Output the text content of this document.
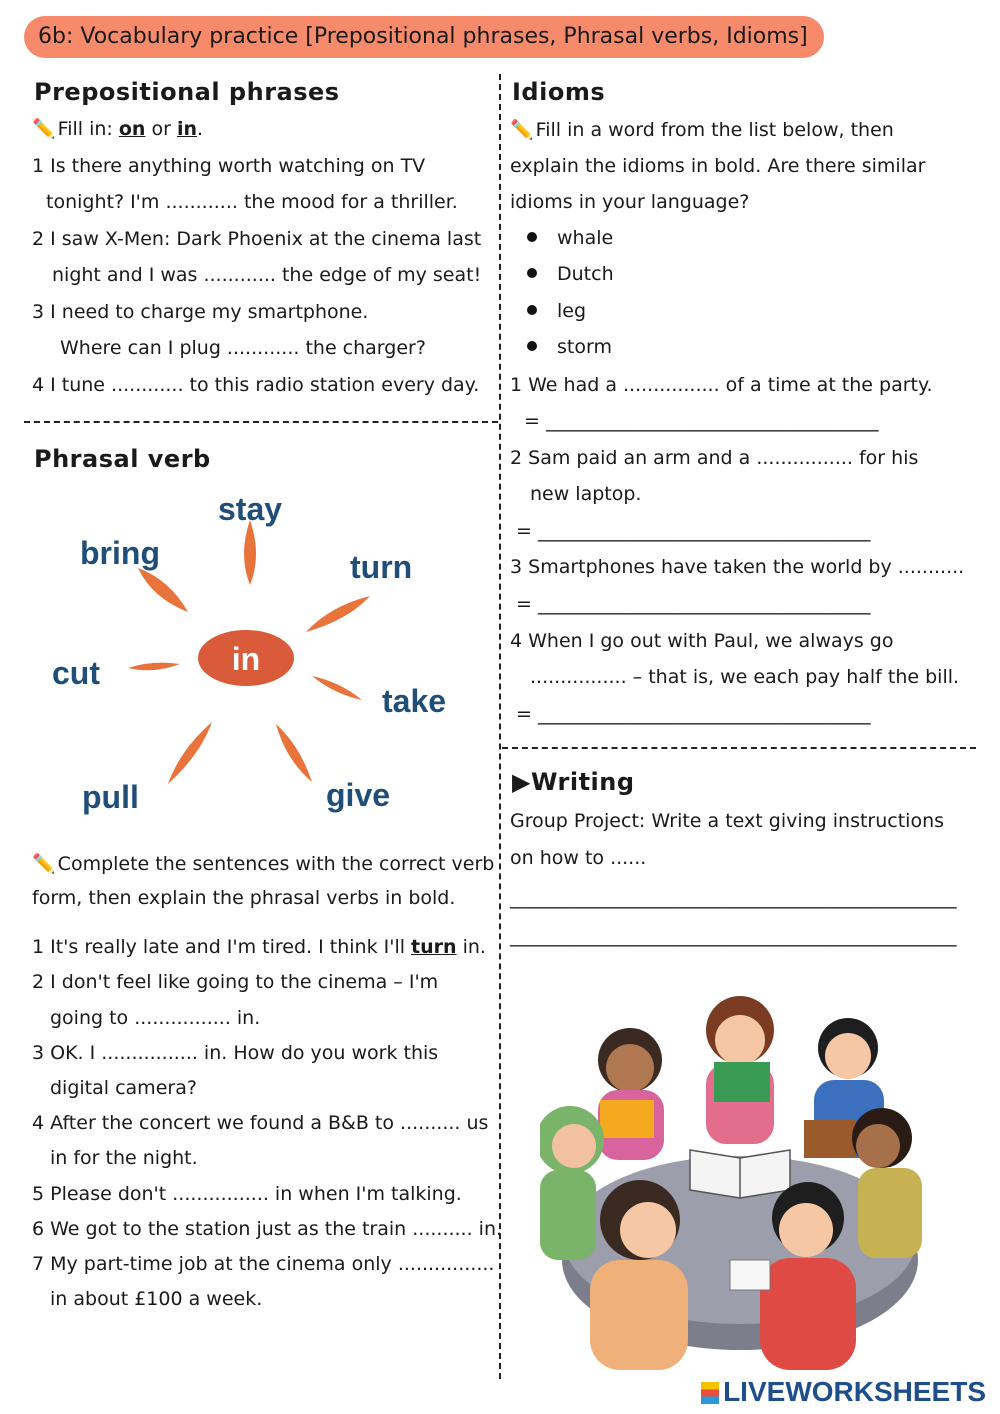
6b: Vocabulary practice [Prepositional phrases, Phrasal verbs, Idioms]
Prepositional phrases
✏️ Fill in: on or in.
1 Is there anything worth watching on TV
tonight? I'm ............ the mood for a thriller.
2 I saw X-Men: Dark Phoenix at the cinema last
night and I was ............ the edge of my seat!
3 I need to charge my smartphone.
Where can I plug ............ the charger?
4 I tune ............ to this radio station every day.
Phrasal verb
in
stay
bring	turn
cut
take
pull	give
✏️ Complete the sentences with the correct verb
form, then explain the phrasal verbs in bold.
1 It's really late and I'm tired. I think I'll turn in.
2 I don't feel like going to the cinema – I'm
going to ................ in.
3 OK. I ................ in. How do you work this
digital camera?
4 After the concert we found a B&B to .......... us
in for the night.
5 Please don't ................ in when I'm talking.
6 We got to the station just as the train .......... in.
7 My part-time job at the cinema only ................
in about £100 a week.
Idioms
✏️ Fill in a word from the list below, then
explain the idioms in bold. Are there similar
idioms in your language?
whale
Dutch
leg
storm
1 We had a ................ of a time at the party.
= ___________________________________
2 Sam paid an arm and a ................ for his
new laptop.
= ___________________________________
3 Smartphones have taken the world by ...........
= ___________________________________
4 When I go out with Paul, we always go
................ – that is, we each pay half the bill.
= ___________________________________
▶Writing
Group Project: Write a text giving instructions
on how to ......
_______________________________________________
_______________________________________________
LIVEWORKSHEETS
